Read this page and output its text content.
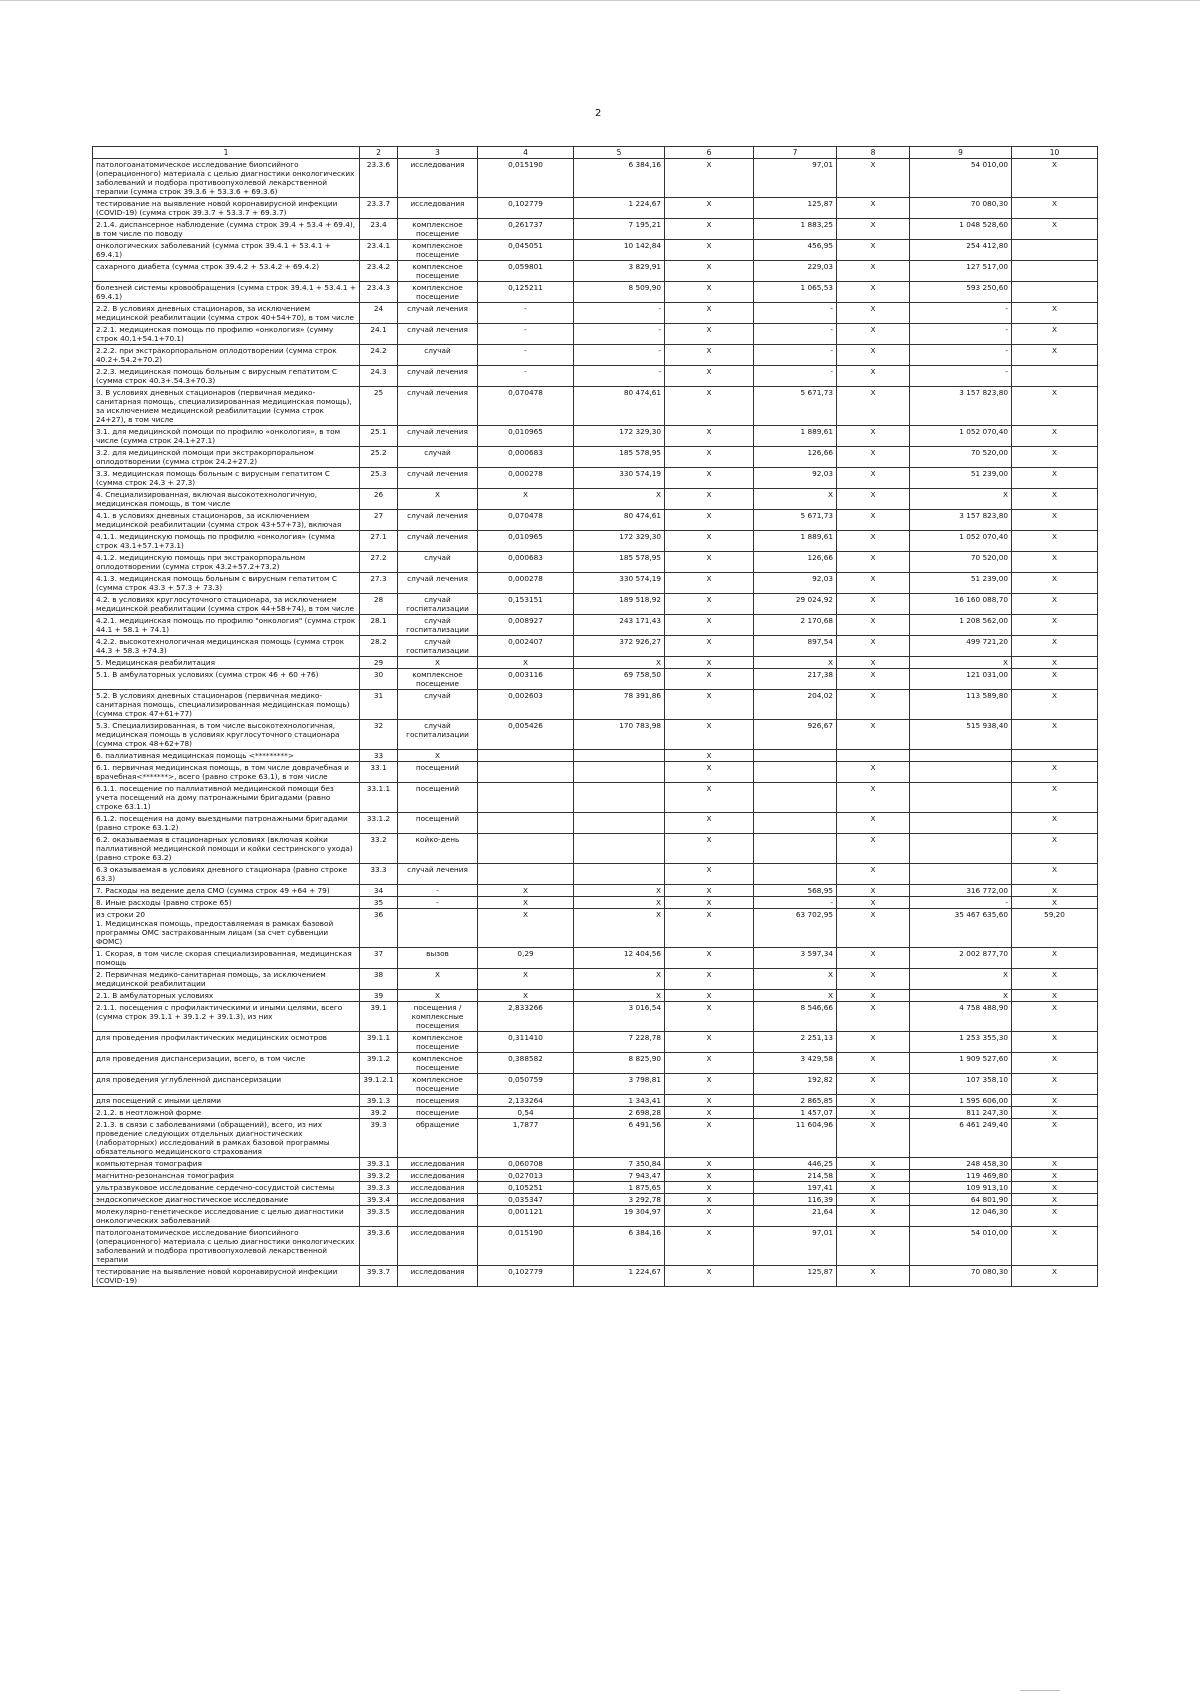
2
1	2	3	4	5	6	7	8	9	10
патологоанатомическое исследование биопсийного (операционного) материала с целью диагностики онкологических заболеваний и подбора противоопухолевой лекарственной терапии (сумма строк 39.3.6 + 53.3.6 + 69.3.6)	23.3.6	исследования	0,015190	6 384,16	X	97,01	X	54 010,00	X
тестирование на выявление новой коронавирусной инфекции (COVID-19) (сумма строк 39.3.7 + 53.3.7 + 69.3.7)	23.3.7	исследования	0,102779	1 224,67	X	125,87	X	70 080,30	X
2.1.4. диспансерное наблюдение (сумма строк 39.4 + 53.4 + 69.4), в том числе по поводу	23.4	комплексное посещение	0,261737	7 195,21	X	1 883,25	X	1 048 528,60	X
онкологических заболеваний (сумма строк 39.4.1 + 53.4.1 + 69.4.1)	23.4.1	комплексное посещение	0,045051	10 142,84	X	456,95	X	254 412,80	
сахарного диабета (сумма строк 39.4.2 + 53.4.2 + 69.4.2)	23.4.2	комплексное посещение	0,059801	3 829,91	X	229,03	X	127 517,00	
болезней системы кровообращения (сумма строк 39.4.1 + 53.4.1 + 69.4.1)	23.4.3	комплексное посещение	0,125211	8 509,90	X	1 065,53	X	593 250,60	
2.2. В условиях дневных стационаров, за исключением медицинской реабилитации (сумма строк 40+54+70), в том числе	24	случай лечения	-	-	X	-	X	-	X
2.2.1. медицинская помощь по профилю «онкология» (сумму строк 40.1+54.1+70.1)	24.1	случай лечения	-	-	X	-	X	-	X
2.2.2. при экстракорпоральном оплодотворении (сумма строк 40.2+.54.2+70.2)	24.2	случай	-	-	X	-	X	-	X
2.2.3. медицинская помощь больным с вирусным гепатитом С (сумма строк 40.3+.54.3+70.3)	24.3	случай лечения	-	-	X	-	X	-	
3. В условиях дневных стационаров (первичная медико-санитарная помощь, специализированная медицинская помощь), за исключением медицинской реабилитации (сумма строк 24+27), в том числе	25	случай лечения	0,070478	80 474,61	X	5 671,73	X	3 157 823,80	X
3.1. для медицинской помощи по профилю «онкология», в том числе (сумма строк 24.1+27.1)	25.1	случай лечения	0,010965	172 329,30	X	1 889,61	X	1 052 070,40	X
3.2. для медицинской помощи при экстракорпоральном оплодотворении (сумма строк 24.2+27.2)	25.2	случай	0,000683	185 578,95	X	126,66	X	70 520,00	X
3.3. медицинская помощь больным с вирусным гепатитом С (сумма строк 24.3 + 27.3)	25.3	случай лечения	0,000278	330 574,19	X	92,03	X	51 239,00	X
4. Специализированная, включая высокотехнологичную, медицинская помощь, в том числе	26	X	X	X	X	X	X	X	X
4.1. в условиях дневных стационаров, за исключением медицинской реабилитации (сумма строк 43+57+73), включая	27	случай лечения	0,070478	80 474,61	X	5 671,73	X	3 157 823,80	X
4.1.1. медицинскую помощь по профилю «онкология» (сумма строк 43.1+57.1+73.1)	27.1	случай лечения	0,010965	172 329,30	X	1 889,61	X	1 052 070,40	X
4.1.2. медицинскую помощь при экстракорпоральном оплодотворении (сумма строк 43.2+57.2+73.2)	27.2	случай	0,000683	185 578,95	X	126,66	X	70 520,00	X
4.1.3. медицинская помощь больным с вирусным гепатитом С (сумма строк 43.3 + 57.3 + 73.3)	27.3	случай лечения	0,000278	330 574,19	X	92,03	X	51 239,00	X
4.2. в условиях круглосуточного стационара, за исключением медицинской реабилитации (сумма строк 44+58+74), в том числе	28	случай госпитализации	0,153151	189 518,92	X	29 024,92	X	16 160 088,70	X
4.2.1. медицинская помощь по профилю "онкология" (сумма строк 44.1 + 58.1 + 74.1)	28.1	случай госпитализации	0,008927	243 171,43	X	2 170,68	X	1 208 562,00	X
4.2.2. высокотехнологичная медицинская помощь (сумма строк 44.3 + 58.3 +74.3)	28.2	случай госпитализации	0,002407	372 926,27	X	897,54	X	499 721,20	X
5. Медицинская реабилитация	29	X	X	X	X	X	X	X	X
5.1. В амбулаторных условиях (сумма строк 46 + 60 +76)	30	комплексное посещение	0,003116	69 758,50	X	217,38	X	121 031,00	X
5.2. В условиях дневных стационаров (первичная медико-санитарная помощь, специализированная медицинская помощь) (сумма строк 47+61+77)	31	случай	0,002603	78 391,86	X	204,02	X	113 589,80	X
5.3. Специализированная, в том числе высокотехнологичная, медицинская помощь в условиях круглосуточного стационара (сумма строк 48+62+78)	32	случай госпитализации	0,005426	170 783,98	X	926,67	X	515 938,40	X
6. паллиативная медицинская помощь <*********>	33	X			X				
6.1. первичная медицинская помощь, в том числе доврачебная и врачебная<*******>, всего (равно строке 63.1), в том числе	33.1	посещений			X		X		X
6.1.1. посещение по паллиативной медицинской помощи без учета посещений на дому патронажными бригадами (равно строке 63.1.1)	33.1.1	посещений			X		X		X
6.1.2. посещения на дому выездными патронажными бригадами (равно строке 63.1.2)	33.1.2	посещений			X		X		X
6.2. оказываемая в стационарных условиях (включая койки паллиативной медицинской помощи и койки сестринского ухода) (равно строке 63.2)	33.2	койко-день			X		X		X
6.3 оказываемая в условиях дневного стационара (равно строке 63.3)	33.3	случай лечения			X		X		X
7. Расходы на ведение дела СМО (сумма строк 49 +64 + 79)	34	-	X	X	X	568,95	X	316 772,00	X
8. Иные расходы (равно строке 65)	35	-	X	X	X	-	X	-	X
из строки 20
1. Медицинская помощь, предоставляемая в рамках базовой программы ОМС застрахованным лицам (за счет субвенции ФОМС)	36		X	X	X	63 702,95	X	35 467 635,60	59,20
1. Скорая, в том числе скорая специализированная, медицинская помощь	37	вызов	0,29	12 404,56	X	3 597,34	X	2 002 877,70	X
2. Первичная медико-санитарная помощь, за исключением медицинской реабилитации	38	X	X	X	X	X	X	X	X
2.1. В амбулаторных условиях	39	X	X	X	X	X	X	X	X
2.1.1. посещения с профилактическими и иными целями, всего (сумма строк 39.1.1 + 39.1.2 + 39.1.3), из них	39.1	посещения / комплексные посещения	2,833266	3 016,54	X	8 546,66	X	4 758 488,90	X
для проведения профилактических медицинских осмотров	39.1.1	комплексное посещение	0,311410	7 228,78	X	2 251,13	X	1 253 355,30	X
для проведения диспансеризации, всего, в том числе	39.1.2	комплексное посещение	0,388582	8 825,90	X	3 429,58	X	1 909 527,60	X
для проведения углубленной диспансеризации	39.1.2.1	комплексное посещение	0,050759	3 798,81	X	192,82	X	107 358,10	X
для посещений с иными целями	39.1.3	посещения	2,133264	1 343,41	X	2 865,85	X	1 595 606,00	X
2.1.2. в неотложной форме	39.2	посещение	0,54	2 698,28	X	1 457,07	X	811 247,30	X
2.1.3. в связи с заболеваниями (обращений), всего, из них проведение следующих отдельных диагностических (лабораторных) исследований в рамках базовой программы обязательного медицинского страхования	39.3	обращение	1,7877	6 491,56	X	11 604,96	X	6 461 249,40	X
компьютерная томография	39.3.1	исследования	0,060708	7 350,84	X	446,25	X	248 458,30	X
магнитно-резонансная томография	39.3.2	исследования	0,027013	7 943,47	X	214,58	X	119 469,80	X
ультразвуковое исследование сердечно-сосудистой системы	39.3.3	исследования	0,105251	1 875,65	X	197,41	X	109 913,10	X
эндоскопическое диагностическое исследование	39.3.4	исследования	0,035347	3 292,78	X	116,39	X	64 801,90	X
молекулярно-генетическое исследование с целью диагностики онкологических заболеваний	39.3.5	исследования	0,001121	19 304,97	X	21,64	X	12 046,30	X
патологоанатомическое исследование биопсийного (операционного) материала с целью диагностики онкологических заболеваний и подбора противоопухолевой лекарственной терапии	39.3.6	исследования	0,015190	6 384,16	X	97,01	X	54 010,00	X
тестирование на выявление новой коронавирусной инфекции (COVID-19)	39.3.7	исследования	0,102779	1 224,67	X	125,87	X	70 080,30	X
